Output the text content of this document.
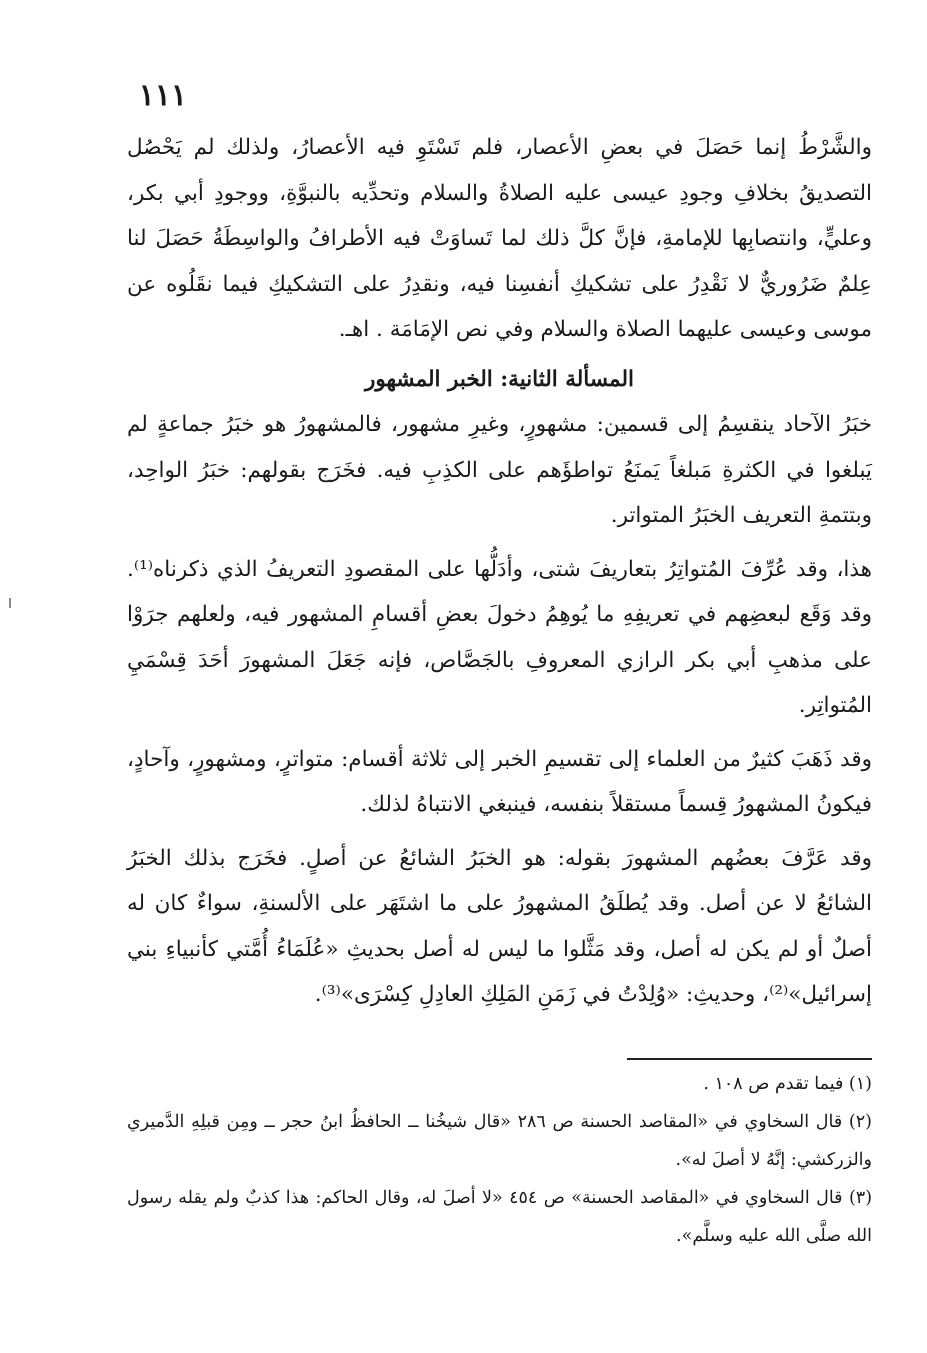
١١١

والشَّرْطُ إنما حَصَلَ في بعضِ الأعصار، فلم تَسْتَوِ فيه الأعصارُ، ولذلك لم يَحْصُل التصديقُ بخلافِ وجودِ عيسى عليه الصلاةُ والسلام وتحدِّيه بالنبوَّةِ، ووجودِ أبي بكر، وعليٍّ، وانتصابِها للإمامةِ، فإنَّ كلَّ ذلك لما تَساوَتْ فيه الأطرافُ والواسِطَةُ حَصَلَ لنا عِلمٌ ضَرُوريٌّ لا نَقْدِرُ على تشكيكِ أنفسِنا فيه، ونقدِرُ على التشكيكِ فيما نقَلُوه عن موسى وعيسى عليهما الصلاة والسلام وفي نص الإمَامَة . اهـ.

المسألة الثانية: الخبر المشهور

خبَرُ الآحاد ينقسِمُ إلى قسمين: مشهورٍ، وغيرِ مشهور، فالمشهورُ هو خبَرُ جماعةٍ لم يَبلغوا في الكثرةِ مَبلغاً يَمنَعُ تواطؤَهم على الكذِبِ فيه. فخَرَج بقولهم: خبَرُ الواحِد، وبتتمةِ التعريف الخبَرُ المتواتر.

هذا، وقد عُرِّفَ المُتواتِرُ بتعاريفَ شتى، وأدَلُّها على المقصودِ التعريفُ الذي ذكرناه⁽¹⁾. وقد وَقَع لبعضِهم في تعريفِهِ ما يُوهِمُ دخولَ بعضِ أقسامِ المشهور فيه، ولعلهم جرَوْا على مذهبِ أبي بكر الرازي المعروفِ بالجَصَّاص، فإنه جَعَلَ المشهورَ أحَدَ قِسْمَيِ المُتواتِر.

وقد ذَهَبَ كثيرٌ من العلماء إلى تقسيمِ الخبر إلى ثلاثة أقسام: متواترٍ، ومشهورٍ، وآحادٍ، فيكونُ المشهورُ قِسماً مستقلاً بنفسه، فينبغي الانتباهُ لذلك.

وقد عَرَّفَ بعضُهم المشهورَ بقوله: هو الخبَرُ الشائعُ عن أصلٍ. فخَرَج بذلك الخبَرُ الشائعُ لا عن أصل. وقد يُطلَقُ المشهورُ على ما اشتَهَر على الألسنةِ، سواءٌ كان له أصلٌ أو لم يكن له أصل، وقد مَثَّلوا ما ليس له أصل بحديثِ «عُلَمَاءُ أُمَّتي كأنبياءِ بني إسرائيل»⁽²⁾، وحديثِ: «وُلِدْتُ في زَمَنِ المَلِكِ العادِلِ كِسْرَى»⁽³⁾.

(١) فيما تقدم ص ١٠٨ .

(٢) قال السخاوي في «المقاصد الحسنة ص ٢٨٦ «قال شيخُنا ــ الحافظُ ابنُ حجر ــ ومِن قبلِهِ الدَّميري والزركشي: إنَّهُ لا أصلَ له».

(٣) قال السخاوي في «المقاصد الحسنة» ص ٤٥٤ «لا أصلَ له، وقال الحاكم: هذا كذبٌ ولم يقله رسول الله صلَّى الله عليه وسلَّم».
